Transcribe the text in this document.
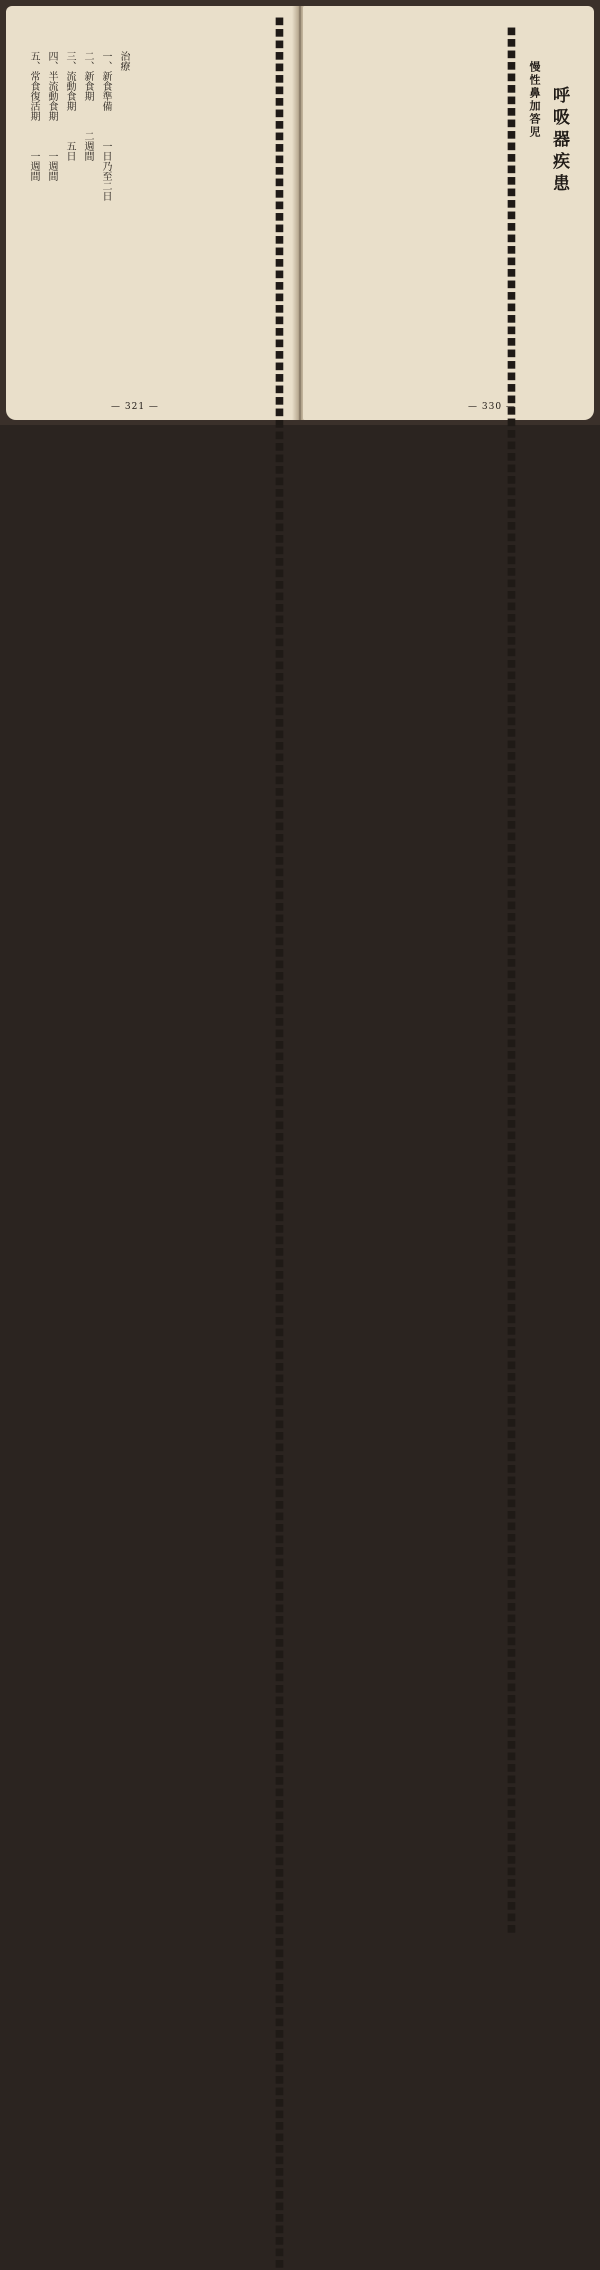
■■■■■■■■■■■■■■■■■■■■■■■■■■■■■■■■■■■■■■■■■■■■■■■■■■■■■■■■■■■■■■■■■■■■■■■■■■■■■■■■■■■■■■■■■■■■■■■■■■■■■■■■■■■■■■■■■■■■■■■■■■■■■■■■■■■■■■■■■■■■■■■■■■■■■■■■■■■■■■■■■■■■■■■■■■■■■■■■■■■■■■■■■■■■■■■■■■■■
治療
一、新食準備
一日乃至二日
二、新食期
二週間
三、流動食期
五日
四、半流動食期
一週間
五、常食復活期
一週間
— 321 —
呼吸器疾患
慢性鼻加答児
■■■■■■■■■■■■■■■■■■■■■■■■■■■■■■■■■■■■■■■■■■■■■■■■■■■■■■■■■■■■■■■■■■■■■■■■■■■■■■■■■■■■■■■■■■■■■■■■■■■■■■■■■■■■■■■■■■■■■■■■■■■■■■■■■■■■■■■■■■■■■■■■■■■■■■■■■■■■■■■■■■■■■■
— 330 —
